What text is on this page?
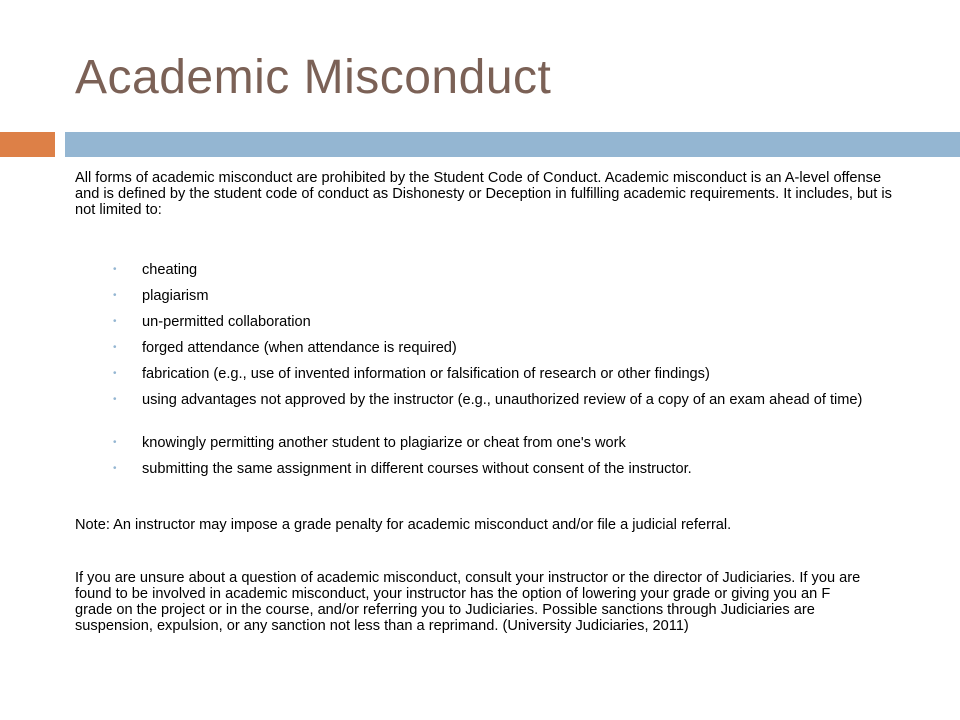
Academic Misconduct

All forms of academic misconduct are prohibited by the Student Code of Conduct. Academic misconduct is an A-level offense and is defined by the student code of conduct as Dishonesty or Deception in fulfilling academic requirements. It includes, but is not limited to:

• cheating
• plagiarism
• un-permitted collaboration
• forged attendance (when attendance is required)
• fabrication (e.g., use of invented information or falsification of research or other findings)
• using advantages not approved by the instructor (e.g., unauthorized review of a copy of an exam ahead of time)
• knowingly permitting another student to plagiarize or cheat from one's work
• submitting the same assignment in different courses without consent of the instructor.

Note: An instructor may impose a grade penalty for academic misconduct and/or file a judicial referral.

If you are unsure about a question of academic misconduct, consult your instructor or the director of Judiciaries. If you are found to be involved in academic misconduct, your instructor has the option of lowering your grade or giving you an F grade on the project or in the course, and/or referring you to Judiciaries. Possible sanctions through Judiciaries are suspension, expulsion, or any sanction not less than a reprimand. (University Judiciaries, 2011)
